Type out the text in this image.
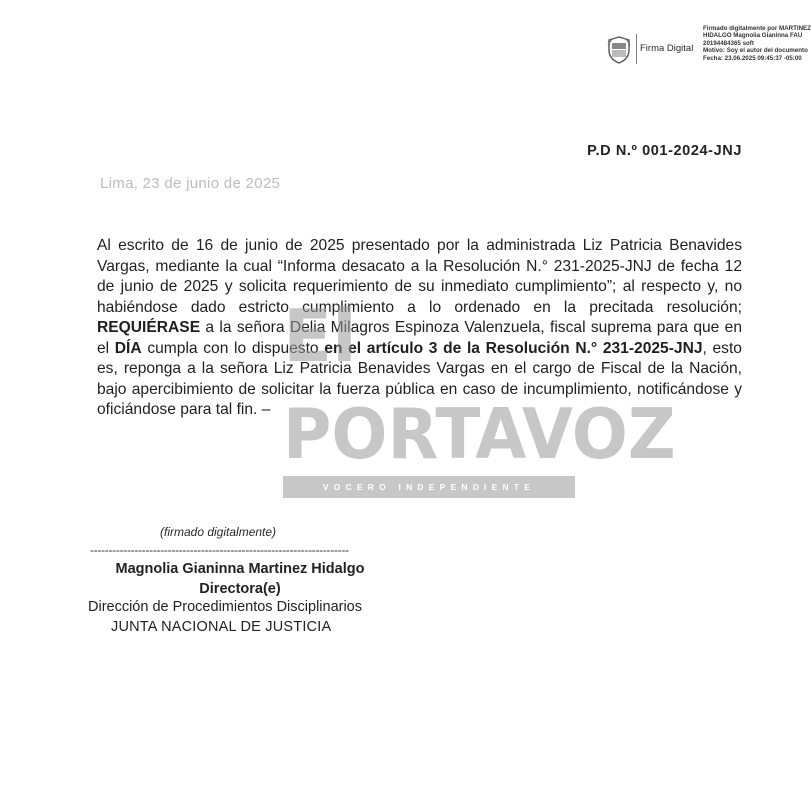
Firma Digital
Firmado digitalmente por MARTINEZ
HIDALGO Magnolia Gianinna FAU
20194484365 soft
Motivo: Soy el autor del documento
Fecha: 23.06.2025 09:45:37 -05:00
P.D N.º 001-2024-JNJ
Lima, 23 de junio de 2025
Al escrito de 16 de junio de 2025 presentado por la administrada Liz Patricia Benavides Vargas, mediante la cual “Informa desacato a la Resolución N.° 231-2025-JNJ de fecha 12 de junio de 2025 y solicita requerimiento de su inmediato cumplimiento”; al respecto y, no habiéndose dado estricto cumplimiento a lo ordenado en la precitada resolución; REQUIÉRASE a la señora Delia Milagros Espinoza Valenzuela, fiscal suprema para que en el DÍA cumpla con lo dispuesto en el artículo 3 de la Resolución N.° 231-2025-JNJ, esto es, reponga a la señora Liz Patricia Benavides Vargas en el cargo de Fiscal de la Nación, bajo apercibimiento de solicitar la fuerza pública en caso de incumplimiento, notificándose y oficiándose para tal fin. –
El
PORTAVOZ
VOCERO INDEPENDIENTE
(firmado digitalmente)
----------------------------------------------------------------------
Magnolia Gianinna Martinez Hidalgo
Directora(e)
Dirección de Procedimientos Disciplinarios
JUNTA NACIONAL DE JUSTICIA
